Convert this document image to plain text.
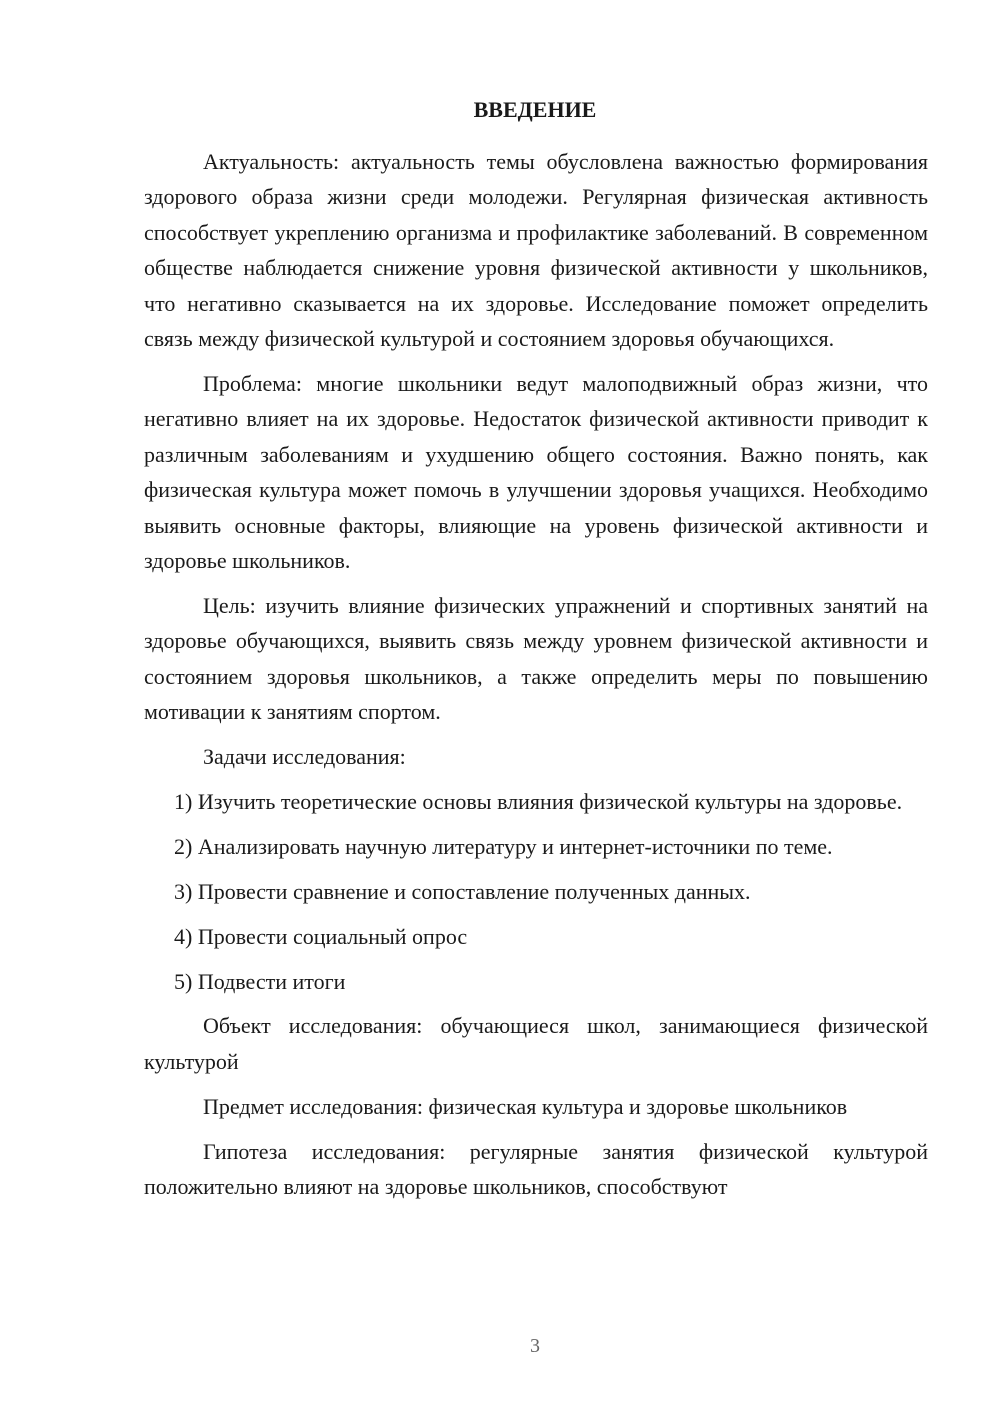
ВВЕДЕНИЕ

Актуальность: актуальность темы обусловлена важностью формирования здорового образа жизни среди молодежи. Регулярная физическая активность способствует укреплению организма и профилактике заболеваний. В современном обществе наблюдается снижение уровня физической активности у школьников, что негативно сказывается на их здоровье. Исследование поможет определить связь между физической культурой и состоянием здоровья обучающихся.

Проблема: многие школьники ведут малоподвижный образ жизни, что негативно влияет на их здоровье. Недостаток физической активности приводит к различным заболеваниям и ухудшению общего состояния. Важно понять, как физическая культура может помочь в улучшении здоровья учащихся. Необходимо выявить основные факторы, влияющие на уровень физической активности и здоровье школьников.

Цель: изучить влияние физических упражнений и спортивных занятий на здоровье обучающихся, выявить связь между уровнем физической активности и состоянием здоровья школьников, а также определить меры по повышению мотивации к занятиям спортом.

Задачи исследования:

1) Изучить теоретические основы влияния физической культуры на здоровье.

2) Анализировать научную литературу и интернет-источники по теме.

3) Провести сравнение и сопоставление полученных данных.

4) Провести социальный опрос

5) Подвести итоги

Объект исследования: обучающиеся школ, занимающиеся физической культурой

Предмет исследования: физическая культура и здоровье школьников

Гипотеза исследования: регулярные занятия физической культурой положительно влияют на здоровье школьников, способствуют

3
